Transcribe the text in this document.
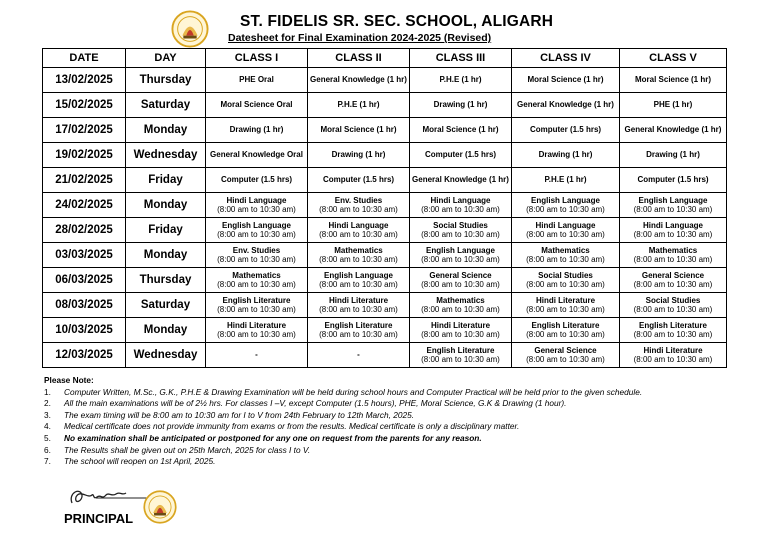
ST. FIDELIS SR. SEC. SCHOOL, ALIGARH
Datesheet for Final Examination 2024-2025 (Revised)
DATE	DAY	CLASS I	CLASS II	CLASS III	CLASS IV	CLASS V
13/02/2025	Thursday	PHE Oral	General Knowledge (1 hr)	P.H.E (1 hr)	Moral Science (1 hr)	Moral Science (1 hr)

15/02/2025	Saturday	Moral Science Oral	P.H.E (1 hr)	Drawing (1 hr)	General Knowledge (1 hr)	PHE (1 hr)

17/02/2025	Monday	Drawing (1 hr)	Moral Science (1 hr)	Moral Science (1 hr)	Computer (1.5 hrs)	General Knowledge (1 hr)

19/02/2025	Wednesday	General Knowledge Oral	Drawing (1 hr)	Computer (1.5 hrs)	Drawing (1 hr)	Drawing (1 hr)

21/02/2025	Friday	Computer (1.5 hrs)	Computer (1.5 hrs)	General Knowledge (1 hr)	P.H.E (1 hr)	Computer (1.5 hrs)

24/02/2025	Monday	Hindi Language
(8:00 am to 10:30 am)	Env. Studies
(8:00 am to 10:30 am)	Hindi Language
(8:00 am to 10:30 am)	English Language
(8:00 am to 10:30 am)	English Language
(8:00 am to 10:30 am)

28/02/2025	Friday	English Language
(8:00 am to 10:30 am)	Hindi Language
(8:00 am to 10:30 am)	Social Studies
(8:00 am to 10:30 am)	Hindi Language
(8:00 am to 10:30 am)	Hindi Language
(8:00 am to 10:30 am)

03/03/2025	Monday	Env. Studies
(8:00 am to 10:30 am)	Mathematics
(8:00 am to 10:30 am)	English Language
(8:00 am to 10:30 am)	Mathematics
(8:00 am to 10:30 am)	Mathematics
(8:00 am to 10:30 am)

06/03/2025	Thursday	Mathematics
(8:00 am to 10:30 am)	English Language
(8:00 am to 10:30 am)	General Science
(8:00 am to 10:30 am)	Social Studies
(8:00 am to 10:30 am)	General Science
(8:00 am to 10:30 am)

08/03/2025	Saturday	English Literature
(8:00 am to 10:30 am)	Hindi Literature
(8:00 am to 10:30 am)	Mathematics
(8:00 am to 10:30 am)	Hindi Literature
(8:00 am to 10:30 am)	Social Studies
(8:00 am to 10:30 am)

10/03/2025	Monday	Hindi Literature
(8:00 am to 10:30 am)	English Literature
(8:00 am to 10:30 am)	Hindi Literature
(8:00 am to 10:30 am)	English Literature
(8:00 am to 10:30 am)	English Literature
(8:00 am to 10:30 am)

12/03/2025	Wednesday	-	-	English Literature
(8:00 am to 10:30 am)	General Science
(8:00 am to 10:30 am)	Hindi Literature
(8:00 am to 10:30 am)
Please Note:
1.	Computer Written, M.Sc., G.K., P.H.E & Drawing Examination will be held during school hours and Computer Practical will be held prior to the given schedule.
2.	All the main examinations will be of 2½ hrs. For classes I –V, except Computer (1.5 hours), PHE, Moral Science, G.K & Drawing (1 hour).
3.	The exam timing will be 8:00 am to 10:30 am for I to V from 24th February to 12th March, 2025.
4.	Medical certificate does not provide immunity from exams or from the results. Medical certificate is only a disciplinary matter.
5.	No examination shall be anticipated or postponed for any one on request from the parents for any reason.
6.	The Results shall be given out on 25th March, 2025 for class I to V.
7.	The school will reopen on 1st April, 2025.
PRINCIPAL
